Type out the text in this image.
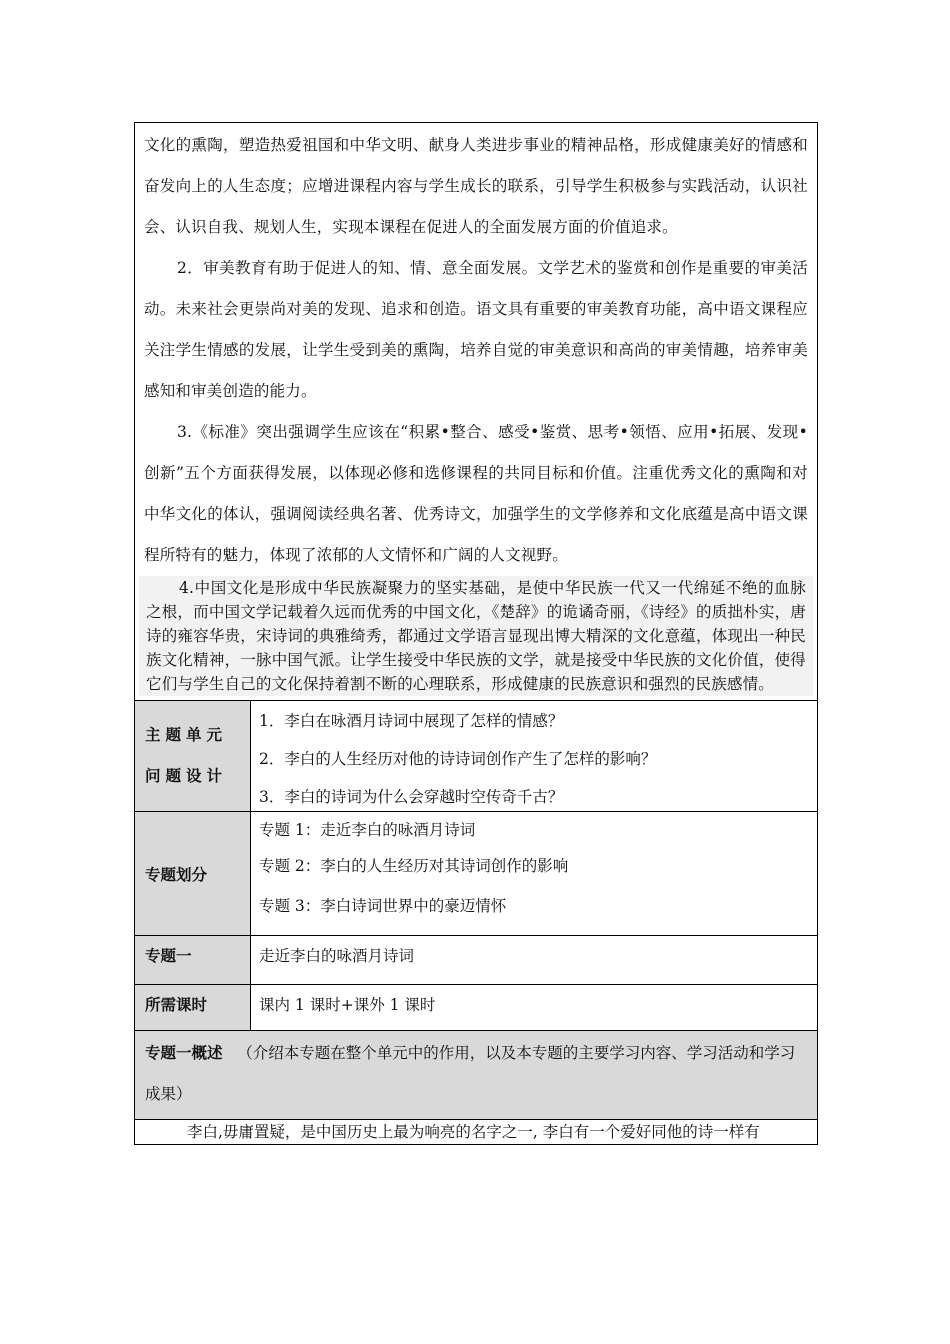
文化的熏陶，塑造热爱祖国和中华文明、献身人类进步事业的精神品格，形成健康美好的情感和奋发向上的人生态度；应增进课程内容与学生成长的联系，引导学生积极参与实践活动，认识社会、认识自我、规划人生，实现本课程在促进人的全面发展方面的价值追求。

2．审美教育有助于促进人的知、情、意全面发展。文学艺术的鉴赏和创作是重要的审美活动。未来社会更崇尚对美的发现、追求和创造。语文具有重要的审美教育功能，高中语文课程应关注学生情感的发展，让学生受到美的熏陶，培养自觉的审美意识和高尚的审美情趣，培养审美感知和审美创造的能力。

3.《标准》突出强调学生应该在“积累•整合、感受•鉴赏、思考•领悟、应用•拓展、发现•创新”五个方面获得发展，以体现必修和选修课程的共同目标和价值。注重优秀文化的熏陶和对中华文化的体认，强调阅读经典名著、优秀诗文，加强学生的文学修养和文化底蕴是高中语文课程所特有的魅力，体现了浓郁的人文情怀和广阔的人文视野。

4.中国文化是形成中华民族凝聚力的坚实基础，是使中华民族一代又一代绵延不绝的血脉之根，而中国文学记载着久远而优秀的中国文化，《楚辞》的诡谲奇丽，《诗经》的质拙朴实，唐诗的雍容华贵，宋诗词的典雅绮秀，都通过文学语言显现出博大精深的文化意蕴，体现出一种民族文化精神，一脉中国气派。让学生接受中华民族的文学，就是接受中华民族的文化价值，使得它们与学生自己的文化保持着割不断的心理联系，形成健康的民族意识和强烈的民族感情。	

主题单元问题设计	1．李白在咏酒月诗词中展现了怎样的情感？

2．李白的人生经历对他的诗诗词创作产生了怎样的影响？

3．李白的诗词为什么会穿越时空传奇千古？

专题划分	专题 1：走近李白的咏酒月诗词

专题 2：李白的人生经历对其诗词创作的影响

专题 3：李白诗词世界中的豪迈情怀

专题一	走近李白的咏酒月诗词

所需课时	课内 1 课时+课外 1 课时

专题一概述 （介绍本专题在整个单元中的作用，以及本专题的主要学习内容、学习活动和学习成果）	

李白,毋庸置疑，是中国历史上最为响亮的名字之一, 李白有一个爱好同他的诗一样有	
